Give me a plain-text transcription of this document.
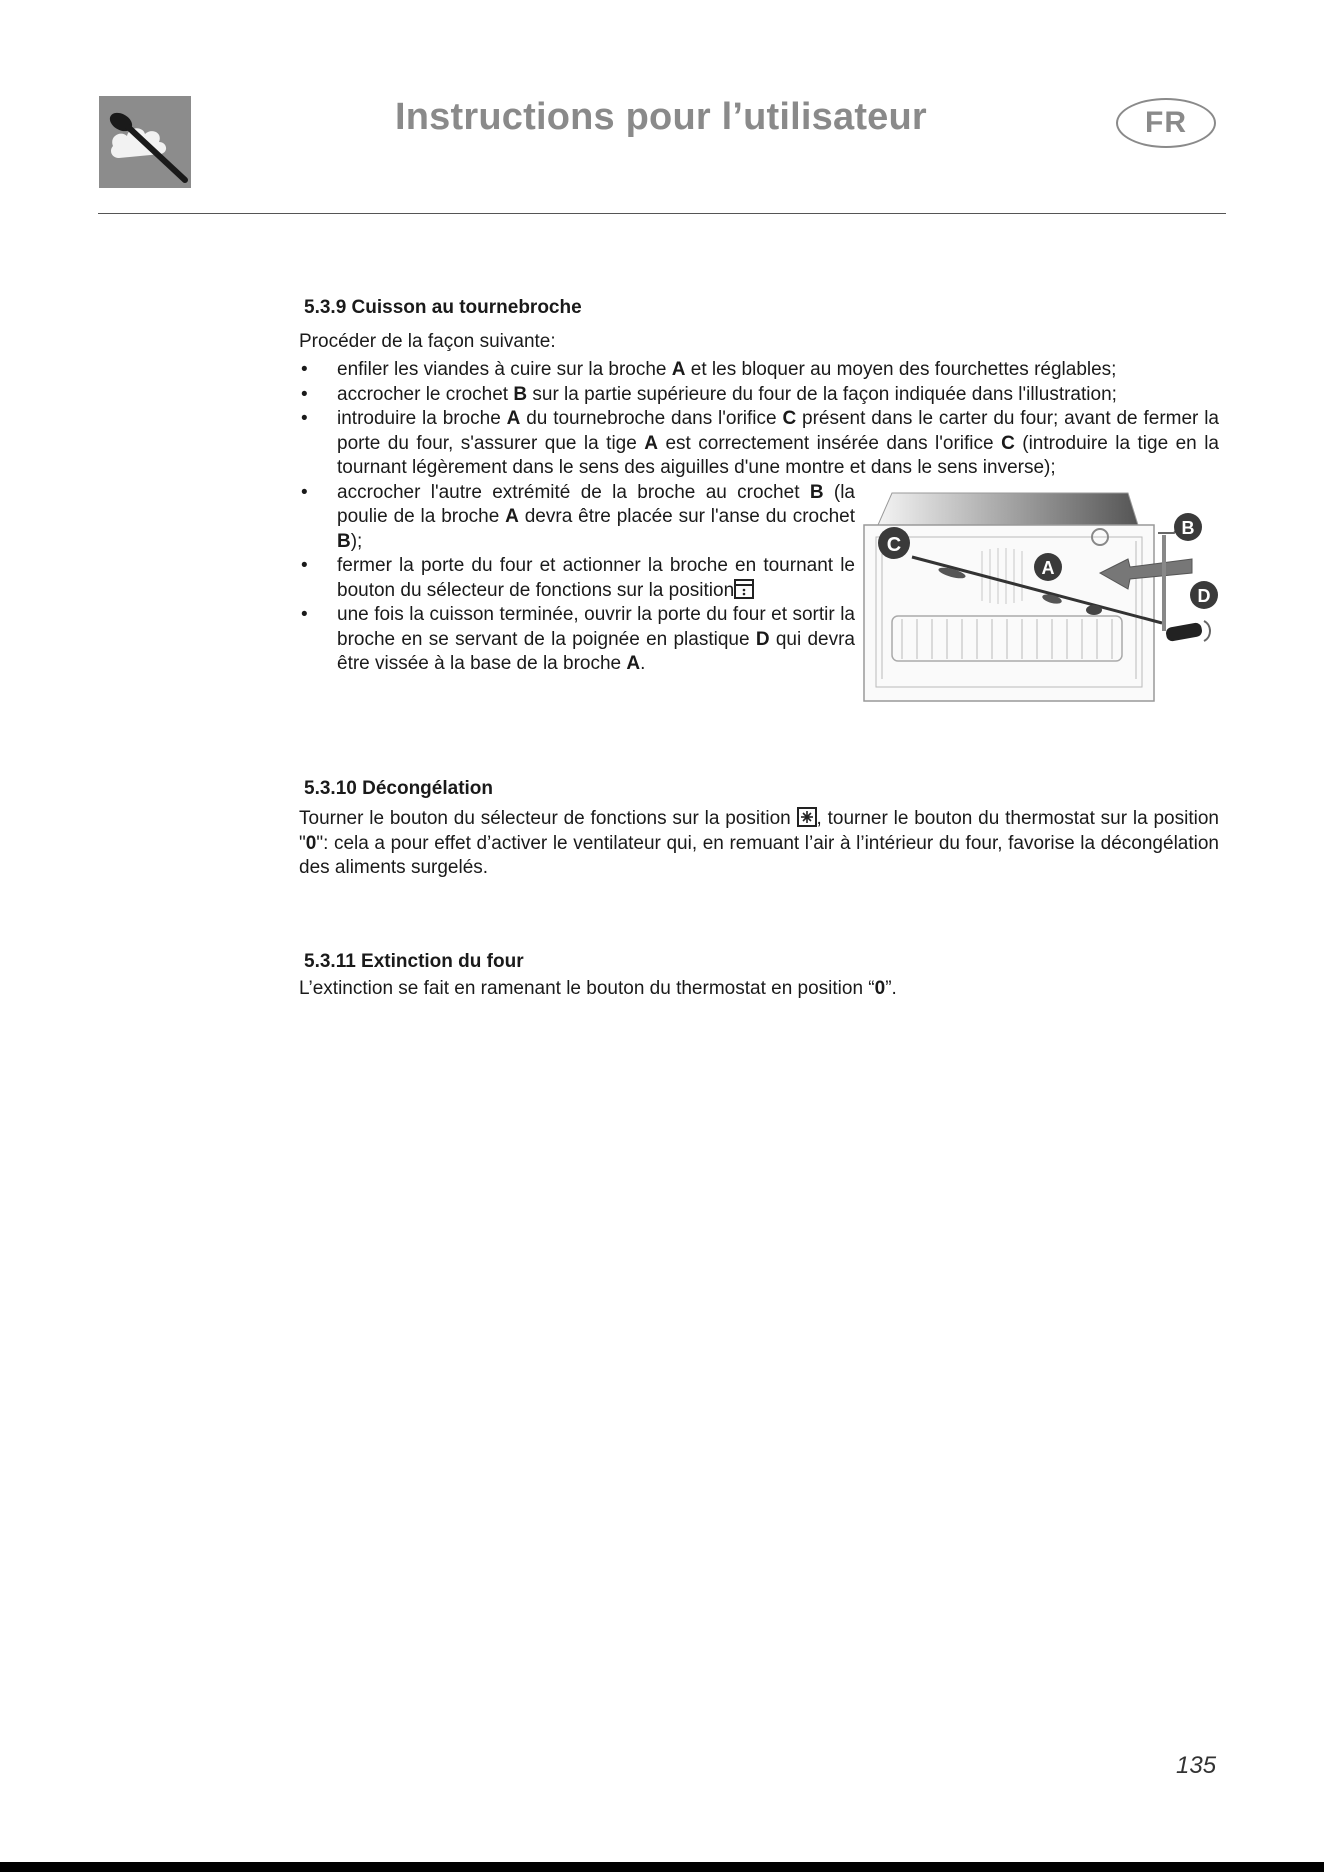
Instructions pour l’utilisateur	FR
5.3.9 Cuisson au tournebroche
Procéder de la façon suivante:
• enfiler les viandes à cuire sur la broche A et les bloquer au moyen des fourchettes réglables;
• accrocher le crochet B sur la partie supérieure du four de la façon indiquée dans l'illustration;
• introduire la broche A du tournebroche dans l'orifice C présent dans le carter du four; avant de fermer la porte du four, s'assurer que la tige A est correctement insérée dans l'orifice C (introduire la tige en la tournant légèrement dans le sens des aiguilles d'une montre et dans le sens inverse);
• accrocher l'autre extrémité de la broche au crochet B (la poulie de la broche A devra être placée sur l'anse du crochet B);
• fermer la porte du four et actionner la broche en tournant le bouton du sélecteur de fonctions sur la position
• une fois la cuisson terminée, ouvrir la porte du four et sortir la broche en se servant de la poignée en plastique D qui devra être vissée à la base de la broche A.
C
A
B
D
5.3.10 Décongélation
Tourner le bouton du sélecteur de fonctions sur la position
, tourner le bouton du thermostat sur la position "0": cela a pour effet d’activer le ventilateur qui, en remuant l’air à l’intérieur du four, favorise la décongélation des aliments surgelés.
5.3.11 Extinction du four
L’extinction se fait en ramenant le bouton du thermostat en position “0”.
135
